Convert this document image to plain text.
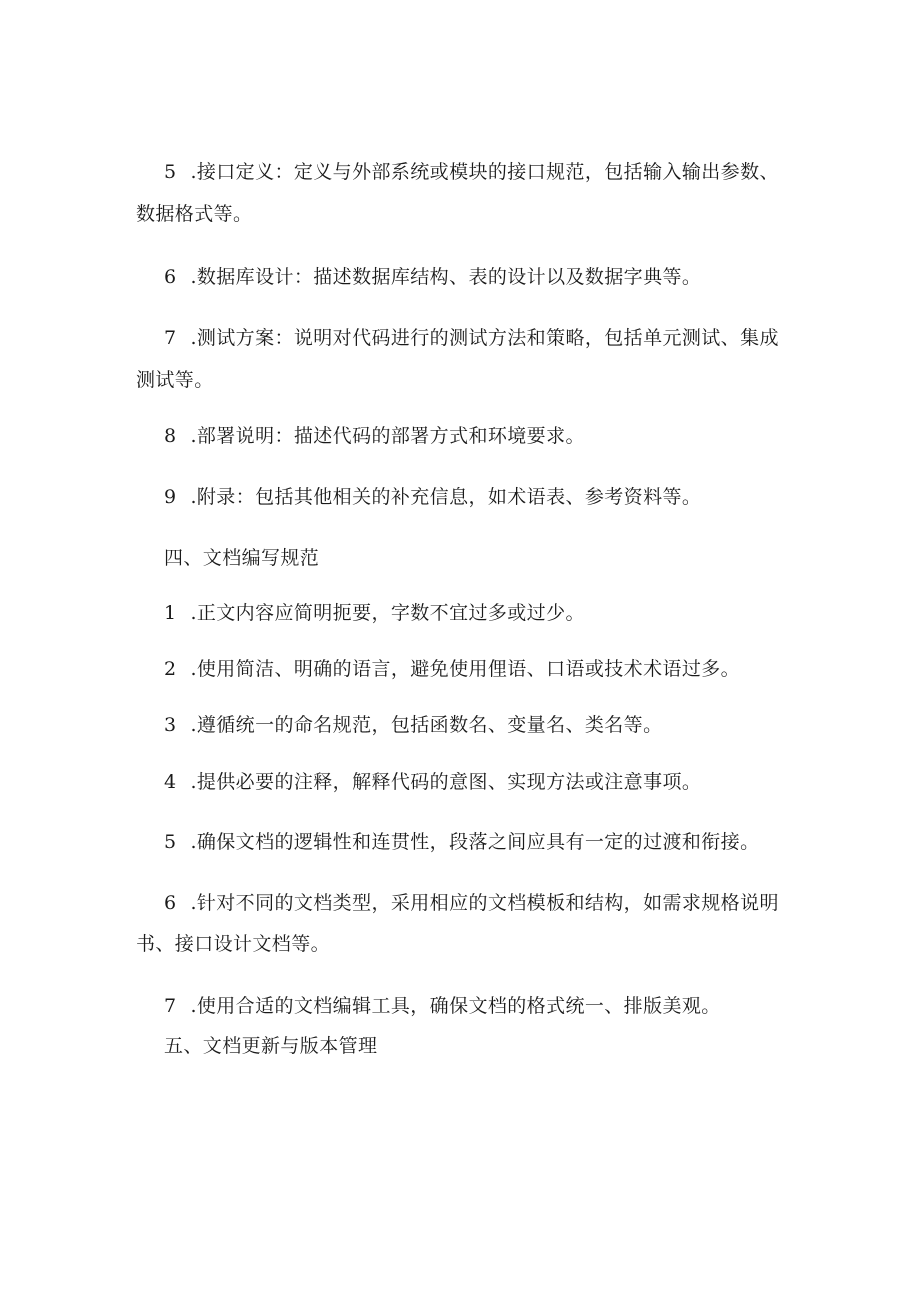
5 .接口定义：定义与外部系统或模块的接口规范，包括输入输出参数、
数据格式等。
6 .数据库设计：描述数据库结构、表的设计以及数据字典等。
7 .测试方案：说明对代码进行的测试方法和策略，包括单元测试、集成
测试等。
8 .部署说明：描述代码的部署方式和环境要求。
9 .附录：包括其他相关的补充信息，如术语表、参考资料等。
四、文档编写规范
1 .正文内容应简明扼要，字数不宜过多或过少。
2 .使用简洁、明确的语言，避免使用俚语、口语或技术术语过多。
3 .遵循统一的命名规范，包括函数名、变量名、类名等。
4 .提供必要的注释，解释代码的意图、实现方法或注意事项。
5 .确保文档的逻辑性和连贯性，段落之间应具有一定的过渡和衔接。
6 .针对不同的文档类型，采用相应的文档模板和结构，如需求规格说明
书、接口设计文档等。
7 .使用合适的文档编辑工具，确保文档的格式统一、排版美观。
五、文档更新与版本管理
